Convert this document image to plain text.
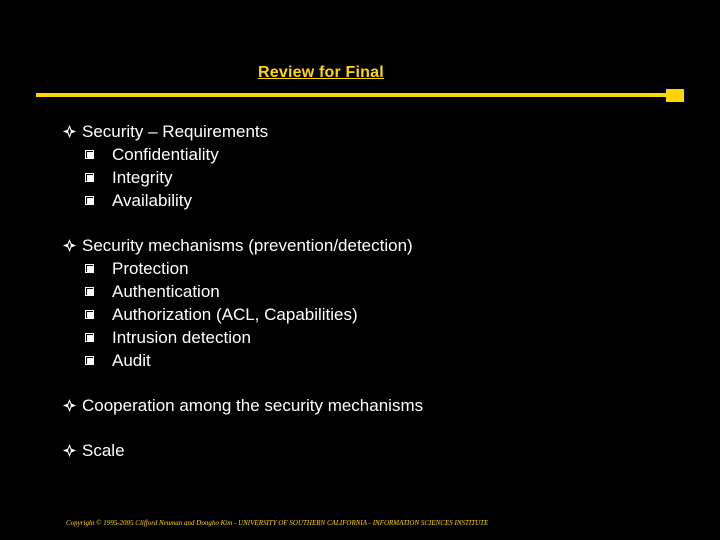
Review for Final
Security – Requirements
Confidentiality
Integrity
Availability
Security mechanisms (prevention/detection)
Protection
Authentication
Authorization (ACL, Capabilities)
Intrusion detection
Audit
Cooperation among the security mechanisms
Scale
Copyright © 1995-2005 Clifford Neuman and Dongho Kim - UNIVERSITY OF SOUTHERN CALIFORNIA - INFORMATION SCIENCES INSTITUTE
